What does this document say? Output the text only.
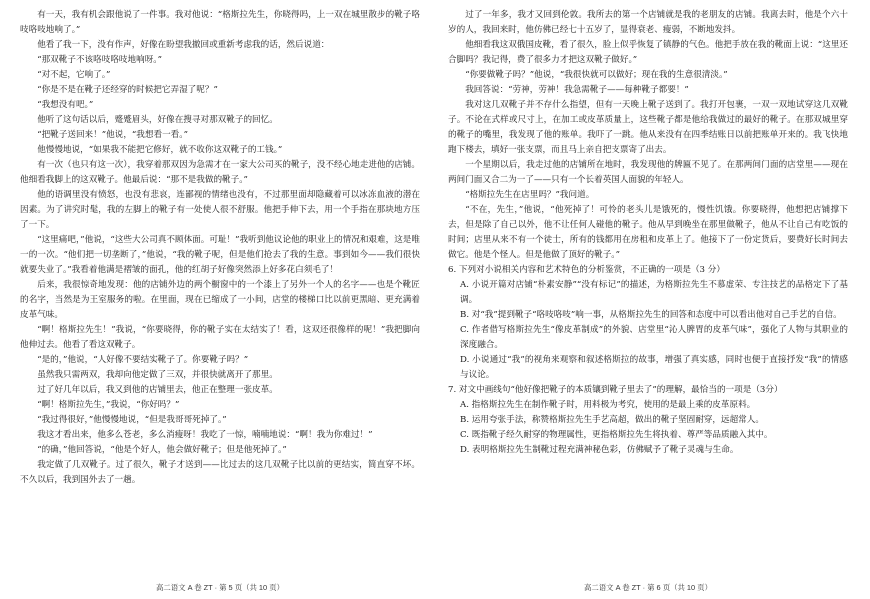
有一天，我有机会跟他说了一件事。我对他说：“格斯拉先生，你晓得吗，上一双在城里散步的靴子咯吱咯吱地响了。”

他看了我一下，没有作声，好像在盼望我撤回或重新考虑我的话，然后说道：

“那双靴子不该咯吱咯吱地响呀。”

“对不起，它响了。”

“你是不是在靴子还经穿的时候把它弄湿了呢？”

“我想没有吧。”

他听了这句话以后，蹙蹙眉头，好像在搜寻对那双靴子的回忆。

“把靴子送回来！”他说，“我想看一看。”

他慢慢地说，“如果我不能把它修好，就不收你这双靴子的工钱。”

有一次（也只有这一次），我穿着那双因为急需才在一家大公司买的靴子，没不经心地走进他的店铺。他细看我脚上的这双靴子。他最后说：“那不是我做的靴子。”

他的语调里没有愤怒，也没有悲哀，连鄙视的情绪也没有，不过那里面却隐藏着可以冰冻血液的潜在因素。为了讲究时髦，我的左脚上的靴子有一处使人很不舒服。他把手伸下去，用一个手指在那块地方压了一下。

“这里痛吧，”他说，“这些大公司真不顾体面。可耻！”我听到他议论他的职业上的情况和艰难，这是唯一的一次。“他们把一切垄断了，”他说，“我的靴子呢，但是他们抢去了我的生意。事到如今——我们很快就要失业了。”我看着他满是褶皱的面孔，他的红胡子好像突然添上好多花白须毛了！

后来，我很惊奇地发现：他的店铺外边的两个橱窗中的一个漆上了另外一个人的名字——也是个靴匠的名字，当然是为王室服务的啦。在里面，现在已缩成了一小间，店堂的楼梯口比以前更黑暗、更充满着皮革气味。

“啊！格斯拉先生！”我说，“你要晓得，你的靴子实在太结实了！看，这双还很像样的呢！”我把脚向他伸过去。他看了看这双靴子。

“是的，”他说，“人好像不要结实靴子了。你要靴子吗？”

虽然我只需两双，我却向他定做了三双，并很快就离开了那里。

过了好几年以后，我又到他的店铺里去，他正在整理一张皮革。

“啊！格斯拉先生，”我说，“你好吗？”

“我过得很好，”他慢慢地说，“但是我哥哥死掉了。”

我这才看出来，他多么苍老，多么消瘦呀！我吃了一惊，喃喃地说：“啊！我为你难过！”

“的确，”他回答说，“他是个好人，他会做好靴子；但是他死掉了。”

我定做了几双靴子。过了很久，靴子才送到——比过去的这几双靴子比以前的更结实，简直穿不坏。不久以后，我到国外去了一趟。

高二语文 A 卷 ZT · 第 5 页（共 10 页）

过了一年多，我才又回到伦敦。我所去的第一个店铺就是我的老朋友的店铺。我离去时，他是个六十岁的人，我回来时，他仿佛已经七十五岁了，显得衰老、瘦弱，不断地发抖。

他细看我这双俄国皮靴，看了很久，脸上似乎恢复了镇静的气色。他把手放在我的靴面上说：“这里还合脚吗？我记得，费了很多力才把这双靴子做好。”

“你要做靴子吗？”他说，“我很快就可以做好；现在我的生意很清淡。”

我回答说：“劳神，劳神！我急需靴子——每种靴子都要！”

我对这几双靴子并不存什么指望，但有一天晚上靴子送到了。我打开包裹，一双一双地试穿这几双靴子。不论在式样或尺寸上，在加工或皮革质量上，这些靴子都是他给我做过的最好的靴子。在那双城里穿的靴子的嘴里，我发现了他的账单。我吓了一跳。他从来没有在四季结账日以前把账单开来的。我飞快地跑下楼去，填好一张支票，而且马上亲自把支票寄了出去。

一个星期以后，我走过他的店铺所在地时，我发现他的牌匾不见了。在那两间门面的店堂里——现在两间门面又合二为一了——只有一个长着英国人面貌的年轻人。

“格斯拉先生在店里吗？”我问道。

“不在，先生，”他说，“他死掉了！可怜的老头儿是饿死的，慢性饥饿。你要晓得，他想把店铺撑下去，但是除了自己以外，他不让任何人碰他的靴子。他从早到晚坐在那里做靴子，他从不让自己有吃饭的时间；店里从来不有一个徒士，所有的钱都用在房租和皮革上了。他接下了一份定货后，要费好长时间去做它。他是个怪人。但是他做了顶好的靴子。”

6. 下列对小说相关内容和艺术特色的分析鉴赏，不正确的一项是（3 分）

A. 小说开篇对店铺“朴素安静”“没有标记”的描述，为格斯拉先生不慕虚荣、专注技艺的品格定下了基调。

B. 对“我”提到靴子“咯吱咯吱”响一事，从格斯拉先生的回答和态度中可以看出他对自己手艺的自信。

C. 作者借写格斯拉先生“像皮革制成”的外貌、店堂里“沁人脾胃的皮革气味”，强化了人物与其职业的深度融合。

D. 小说通过“我”的视角来观察和叙述格斯拉的故事，增强了真实感，同时也便于直接抒发“我”的情感与议论。

7. 对文中画线句“他好像把靴子的本质镶到靴子里去了”的理解，最恰当的一项是（3分）

A. 指格斯拉先生在制作靴子时，用料极为考究，使用的是最上乘的皮革原料。

B. 运用夸张手法，称赞格斯拉先生手艺高超，做出的靴子坚固耐穿，远超常人。

C. 既指靴子经久耐穿的物理属性，更指格斯拉先生将执着、尊严等品质融入其中。

D. 表明格斯拉先生制靴过程充满神秘色彩，仿佛赋予了靴子灵魂与生命。

高二语文 A 卷 ZT · 第 6 页（共 10 页）
